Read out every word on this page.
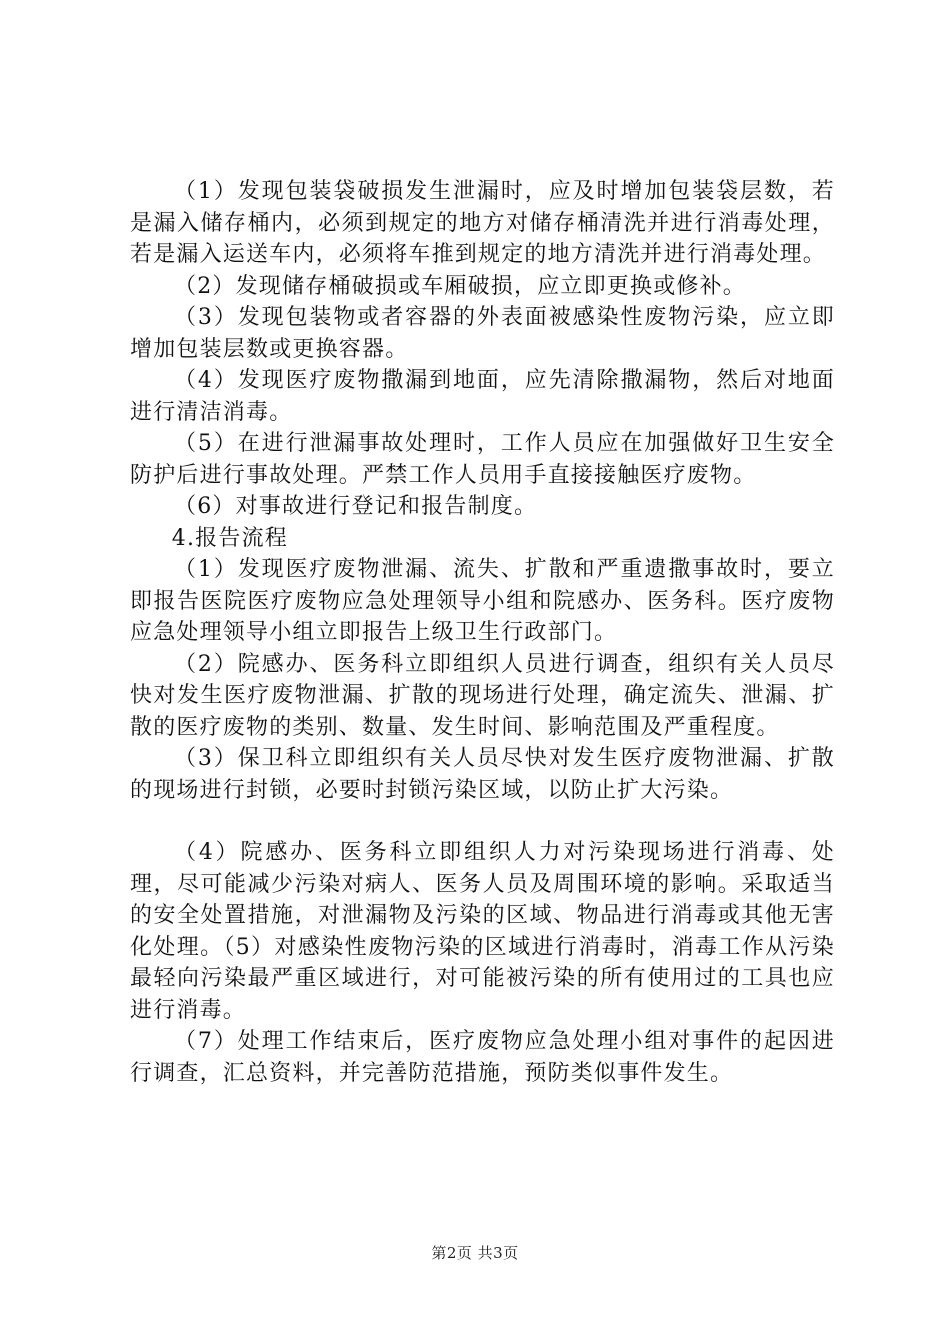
（1）发现包装袋破损发生泄漏时，应及时增加包装袋层数，若是漏入储存桶内，必须到规定的地方对储存桶清洗并进行消毒处理，若是漏入运送车内，必须将车推到规定的地方清洗并进行消毒处理。

（2）发现储存桶破损或车厢破损，应立即更换或修补。

（3）发现包装物或者容器的外表面被感染性废物污染，应立即增加包装层数或更换容器。

（4）发现医疗废物撒漏到地面，应先清除撒漏物，然后对地面进行清洁消毒。

（5）在进行泄漏事故处理时，工作人员应在加强做好卫生安全防护后进行事故处理。严禁工作人员用手直接接触医疗废物。

（6）对事故进行登记和报告制度。

4.报告流程

（1）发现医疗废物泄漏、流失、扩散和严重遗撒事故时，要立即报告医院医疗废物应急处理领导小组和院感办、医务科。医疗废物应急处理领导小组立即报告上级卫生行政部门。

（2）院感办、医务科立即组织人员进行调查，组织有关人员尽快对发生医疗废物泄漏、扩散的现场进行处理，确定流失、泄漏、扩散的医疗废物的类别、数量、发生时间、影响范围及严重程度。

（3）保卫科立即组织有关人员尽快对发生医疗废物泄漏、扩散的现场进行封锁，必要时封锁污染区域，以防止扩大污染。

（4）院感办、医务科立即组织人力对污染现场进行消毒、处理，尽可能减少污染对病人、医务人员及周围环境的影响。采取适当的安全处置措施，对泄漏物及污染的区域、物品进行消毒或其他无害化处理。（5）对感染性废物污染的区域进行消毒时，消毒工作从污染最轻向污染最严重区域进行，对可能被污染的所有使用过的工具也应进行消毒。

（7）处理工作结束后，医疗废物应急处理小组对事件的起因进行调查，汇总资料，并完善防范措施，预防类似事件发生。

第2页 共3页
